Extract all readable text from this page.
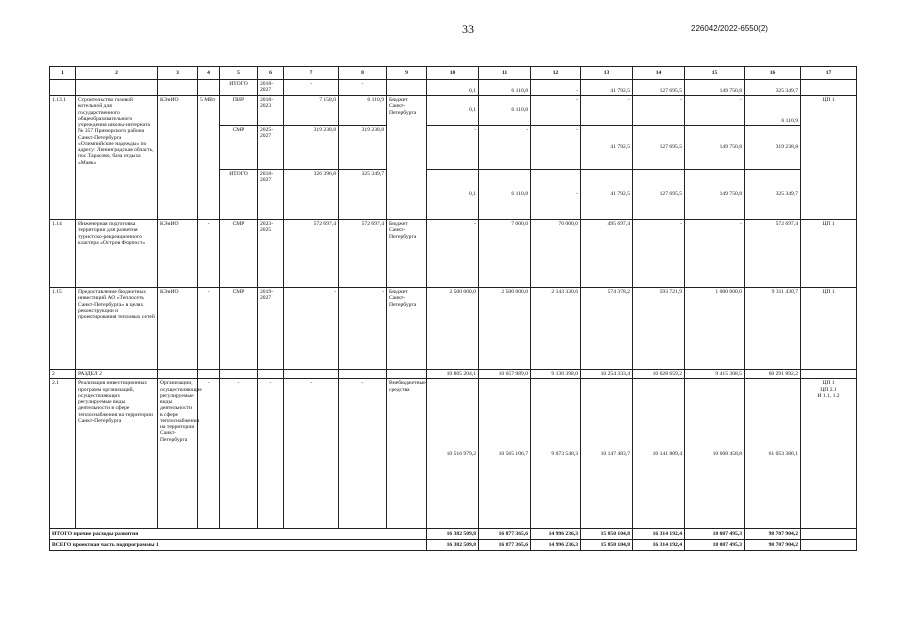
33	226042/2022-6550(2)
1	2	3	4	5	6	7	8	9	10	11	12	13	14	15	16	17
				ИТОГО	2018-
2027	-	-		0,1	6 110,8	-	41 792,5	127 695,5	149 750,8	325 349,7	
1.13.1	Строительство газовой котельной для государственного общеобразовательного учреждения школы-интерната № 357 Приморского района Санкт-Петербурга «Олимпийские надежды» по адресу: Ленинградская область, пос.Тарасово, база отдыха «Маяк»	КЭиИО	5 МВт	ПИР	2018-
2023	7 158,0	6 110,9	Бюджет Санкт-Петербурга	0,1	6 110,8	-	-	-	-	6 110,9	ЦП 1
				СМР	2025-
2027	319 238,8	319 238,8		-	-	-	41 792,5	127 695,5	149 750,8	319 238,8	
				ИТОГО	2018-
2027	326 396,8	325 349,7		0,1	6 110,8	-	41 792,5	127 695,5	149 750,8	325 349,7	
1.14	Инженерная подготовка территории для развития туристско-рекреационного кластера «Остров Форпост»	КЭиИО	-	СМР	2023-
2025	572 697,4	572 697,4	Бюджет Санкт-Петербурга	-	7 000,0	70 000,0	495 697,4	-	-	572 697,4	ЦП 1
1.15	Предоставление бюджетных инвестиций АО «Теплосеть Санкт-Петербурга» в целях реконструкции и проектирования тепловых сетей	КЭиИО	-	СМР	2019-
2027	-	-	Бюджет Санкт-Петербурга	2 500 000,0	2 500 000,0	2 143 330,6	574 378,2	593 721,9	1 000 000,0	9 311 430,7	ЦП 1
2	РАЗДЕЛ 2								10 805 204,1	10 657 989,0	9 130 398,0	10 254 333,4	10 028 659,2	9 415 308,5	60 291 892,2	
2.1	Реализация инвестиционных программ организаций, осуществляющих регулируемые виды деятельности в сфере теплоснабжения на территории Санкт-Петербурга	Организации, осуществляющие регулируемые виды деятельности в сфере теплоснабжения на территории Санкт-Петербурга	-	-	-	-	-	Внебюджетные средства	10 516 979,2	10 565 106,7	9 073 548,3	10 147 483,7	10 141 809,4	10 608 458,8	61 053 386,1	ЦП 1
ЦП 2.1
И 1.1, 1.2
ИТОГО прочие расходы развития									16 382 509,8	16 877 365,6	14 996 236,3	15 850 104,8	16 314 192,4	18 087 495,3	98 707 904,2	
ВСЕГО проектная часть подпрограммы 1									16 382 509,8	16 877 365,6	14 996 236,3	15 850 104,8	16 314 192,4	18 087 495,3	98 707 904,2	
